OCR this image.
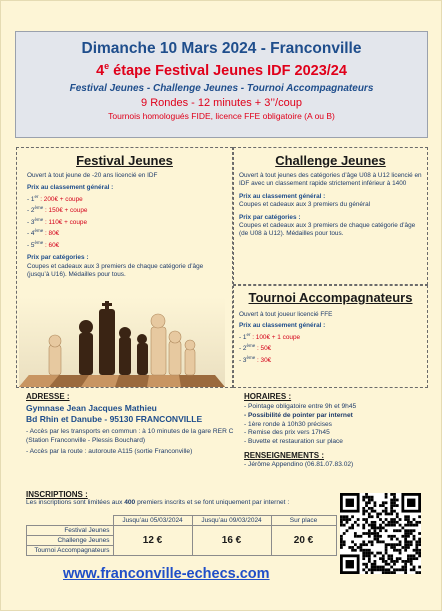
Dimanche 10 Mars 2024 - Franconville
4e étape Festival Jeunes IDF 2023/24
Festival Jeunes - Challenge Jeunes - Tournoi Accompagnateurs
9 Rondes - 12 minutes + 3’’/coup
Tournois homologués FIDE, licence FFE obligatoire (A ou B)
Festival Jeunes
Ouvert à tout jeune de -20 ans licencié en IDF
Prix au classement général :
- 1er : 200€ + coupe
- 2ème : 150€ + coupe
- 3ème : 110€ + coupe
- 4ème : 80€
- 5ème : 60€
Prix par catégories :
Coupes et cadeaux aux 3 premiers de chaque catégorie d’âge (jusqu’à U16). Médailles pour tous.
Challenge Jeunes
Ouvert à tout jeunes des catégories d’âge U08 à U12 licencié en IDF avec un classement rapide strictement inférieur à 1400
Prix au classement général :
Coupes et cadeaux aux 3 premiers du général
Prix par catégories :
Coupes et cadeaux aux 3 premiers de chaque catégorie d’âge (de U08 à U12). Médailles pour tous.
Tournoi Accompagnateurs
Ouvert à tout joueur licencié FFE
Prix au classement général :
- 1er : 100€ + 1 coupe
- 2ème : 50€
- 3ème : 30€
ADRESSE :
Gymnase Jean Jacques Mathieu
Bd Rhin et Danube - 95130 FRANCONVILLE
- Accès par les transports en commun : à 10 minutes de la gare RER C (Station Franconville - Plessis Bouchard)
- Accès par la route : autoroute A115 (sortie Franconville)
HORAIRES :
- Pointage obligatoire entre 9h et 9h45
- Possibilité de pointer par internet
- 1ère ronde à 10h30 précises
- Remise des prix vers 17h45
- Buvette et restauration sur place
RENSEIGNEMENTS :
- Jérôme Appendino (06.81.07.83.02)
INSCRIPTIONS :
Les inscriptions sont limitées aux 400 premiers inscrits et se font uniquement par internet :
	Jusqu’au 05/03/2024	Jusqu’au 09/03/2024	Sur place
Festival Jeunes	12 €	16 €	20 €
Challenge Jeunes			
Tournoi Accompagnateurs			
www.franconville-echecs.com
